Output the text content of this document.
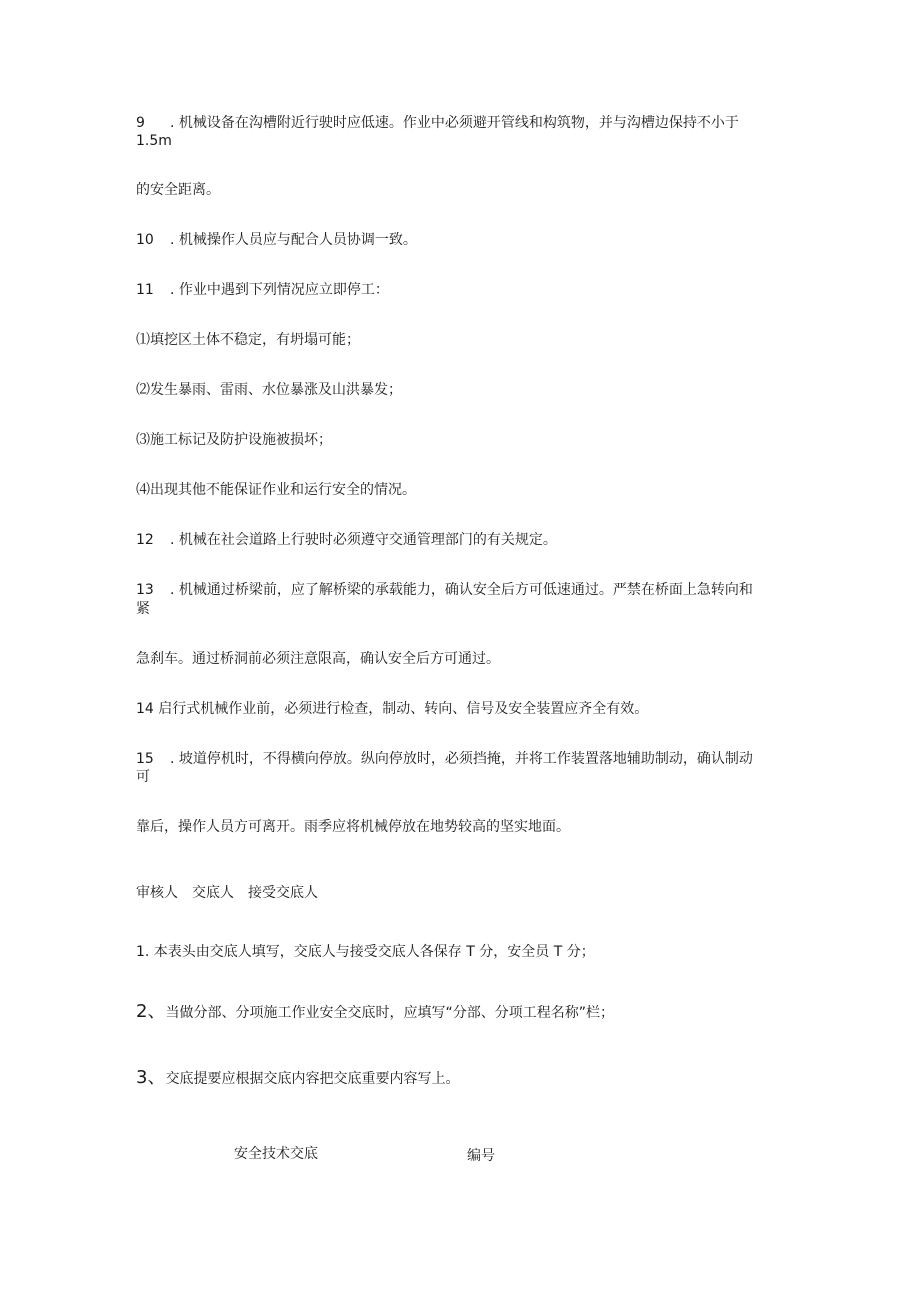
9 . 机械设备在沟槽附近行驶时应低速。作业中必须避开管线和构筑物，并与沟槽边保持不小于
1.5m
的安全距离。
10 . 机械操作人员应与配合人员协调一致。
11 . 作业中遇到下列情况应立即停工：
⑴填挖区土体不稳定，有坍塌可能；
⑵发生暴雨、雷雨、水位暴涨及山洪暴发；
⑶施工标记及防护设施被损坏；
⑷出现其他不能保证作业和运行安全的情况。
12 . 机械在社会道路上行驶时必须遵守交通管理部门的有关规定。
13 . 机械通过桥梁前，应了解桥梁的承载能力，确认安全后方可低速通过。严禁在桥面上急转向和
紧
急刹车。通过桥洞前必须注意限高，确认安全后方可通过。
14 启行式机械作业前，必须进行检查，制动、转向、信号及安全装置应齐全有效。
15 . 坡道停机时，不得横向停放。纵向停放时，必须挡掩，并将工作装置落地辅助制动，确认制动
可
靠后，操作人员方可离开。雨季应将机械停放在地势较高的坚实地面。
审核人　交底人　接受交底人
1. 本表头由交底人填写，交底人与接受交底人各保存 T 分，安全员 T 分；
2、当做分部、分项施工作业安全交底时，应填写“分部、分项工程名称”栏；
3、交底提要应根据交底内容把交底重要内容写上。
安全技术交底	编号
